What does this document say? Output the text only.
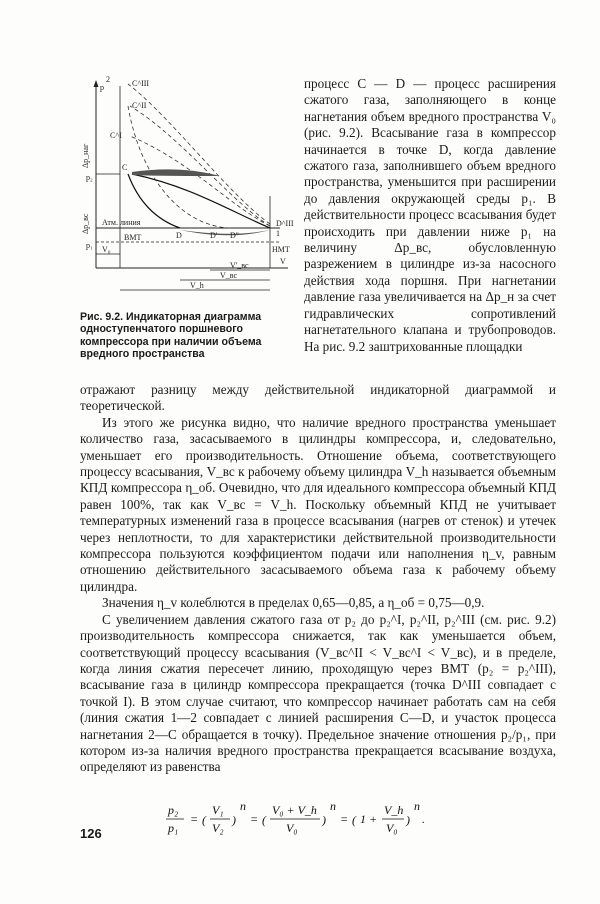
p
V
Δp_наг
Δp_вс
p₁
p₂
Атм. линия
ВМТ
НМТ
C^III
C^II
C^I
C
D	D' D''
D^III
2
1
V₀
V'_вс
V_вс
V_h
Рис. 9.2. Индикаторная диаграмма одноступенчатого поршневого компрессора при наличии объема вредного пространства

процесс C — D — процесс расширения сжатого газа, заполняющего в конце нагнетания объем вредного пространства V₀ (рис. 9.2). Всасывание газа в компрессор начинается в точке D, когда давление сжатого газа, заполнившего объем вредного пространства, уменьшится при расширении до давления окружающей среды p₁. В действительности процесс всасывания будет происходить при давлении ниже p₁ на величину Δp_вс, обусловленную разрежением в цилиндре из-за насосного действия хода поршня. При нагнетании давление газа увеличивается на Δp_н за счет гидравлических сопротивлений нагнетательного клапана и трубопроводов. На рис. 9.2 заштрихованные площадки

отражают разницу между действительной индикаторной диаграммой и теоретической.

Из этого же рисунка видно, что наличие вредного пространства уменьшает количество газа, засасываемого в цилиндры компрессора, и, следовательно, уменьшает его производительность. Отношение объема, соответствующего процессу всасывания, V_вс к рабочему объему цилиндра V_h называется объемным КПД компрессора η_об. Очевидно, что для идеального компрессора объемный КПД равен 100%, так как V_вс = V_h. Поскольку объемный КПД не учитывает температурных изменений газа в процессе всасывания (нагрев от стенок) и утечек через неплотности, то для характеристики действительной производительности компрессора пользуются коэффициентом подачи или наполнения η_v, равным отношению действительного засасываемого объема газа к рабочему объему цилиндра.

Значения η_v колеблются в пределах 0,65—0,85, а η_об = 0,75—0,9.

С увеличением давления сжатого газа от p₂ до p₂^I, p₂^II, p₂^III (см. рис. 9.2) производительность компрессора снижается, так как уменьшается объем, соответствующий процессу всасывания (V_вс^II < V_вс^I < V_вс), и в пределе, когда линия сжатия пересечет линию, проходящую через ВМТ (p₂ = p₂^III), всасывание газа в цилиндр компрессора прекращается (точка D^III совпадает с точкой I). В этом случае считают, что компрессор начинает работать сам на себя (линия сжатия 1—2 совпадает с линией расширения C—D, и участок процесса нагнетания 2—C обращается в точку). Предельное значение отношения p₂/p₁, при котором из-за наличия вредного пространства прекращается всасывание воздуха, определяют из равенства

p₂
p₁
= (
V₁
V₂
)
n
= (
V₀ + V_h
V₀
)
n
= ( 1 +
V_h
V₀
)
n
.
126
